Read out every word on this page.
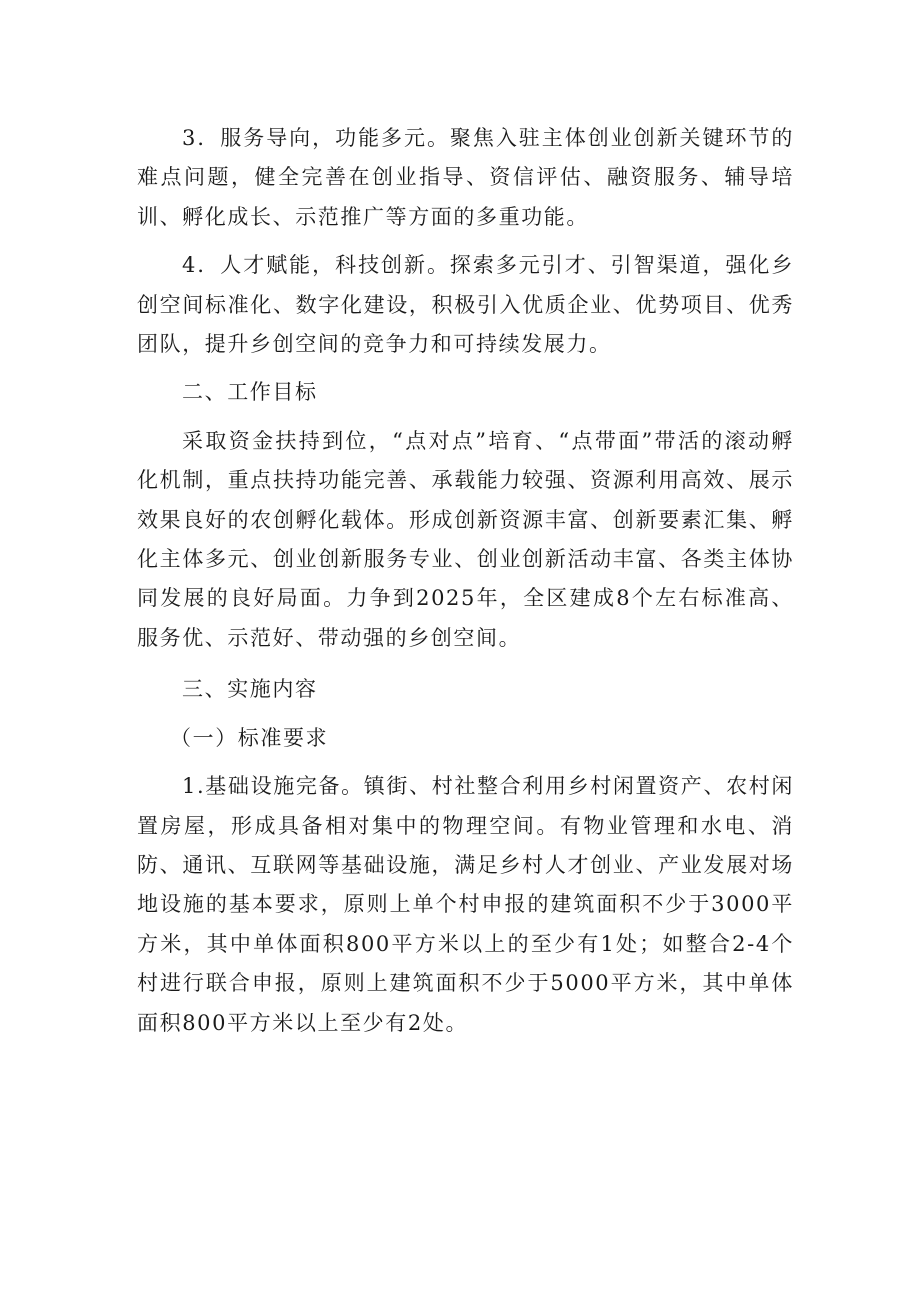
3．服务导向，功能多元。聚焦入驻主体创业创新关键环节的难点问题，健全完善在创业指导、资信评估、融资服务、辅导培训、孵化成长、示范推广等方面的多重功能。

4．人才赋能，科技创新。探索多元引才、引智渠道，强化乡创空间标准化、数字化建设，积极引入优质企业、优势项目、优秀团队，提升乡创空间的竞争力和可持续发展力。

二、工作目标

采取资金扶持到位，“点对点”培育、“点带面”带活的滚动孵化机制，重点扶持功能完善、承载能力较强、资源利用高效、展示效果良好的农创孵化载体。形成创新资源丰富、创新要素汇集、孵化主体多元、创业创新服务专业、创业创新活动丰富、各类主体协同发展的良好局面。力争到2025年，全区建成8个左右标准高、服务优、示范好、带动强的乡创空间。

三、实施内容

（一）标准要求

1.基础设施完备。镇街、村社整合利用乡村闲置资产、农村闲置房屋，形成具备相对集中的物理空间。有物业管理和水电、消防、通讯、互联网等基础设施，满足乡村人才创业、产业发展对场地设施的基本要求，原则上单个村申报的建筑面积不少于3000平方米，其中单体面积800平方米以上的至少有1处；如整合2-4个村进行联合申报，原则上建筑面积不少于5000平方米，其中单体面积800平方米以上至少有2处。
